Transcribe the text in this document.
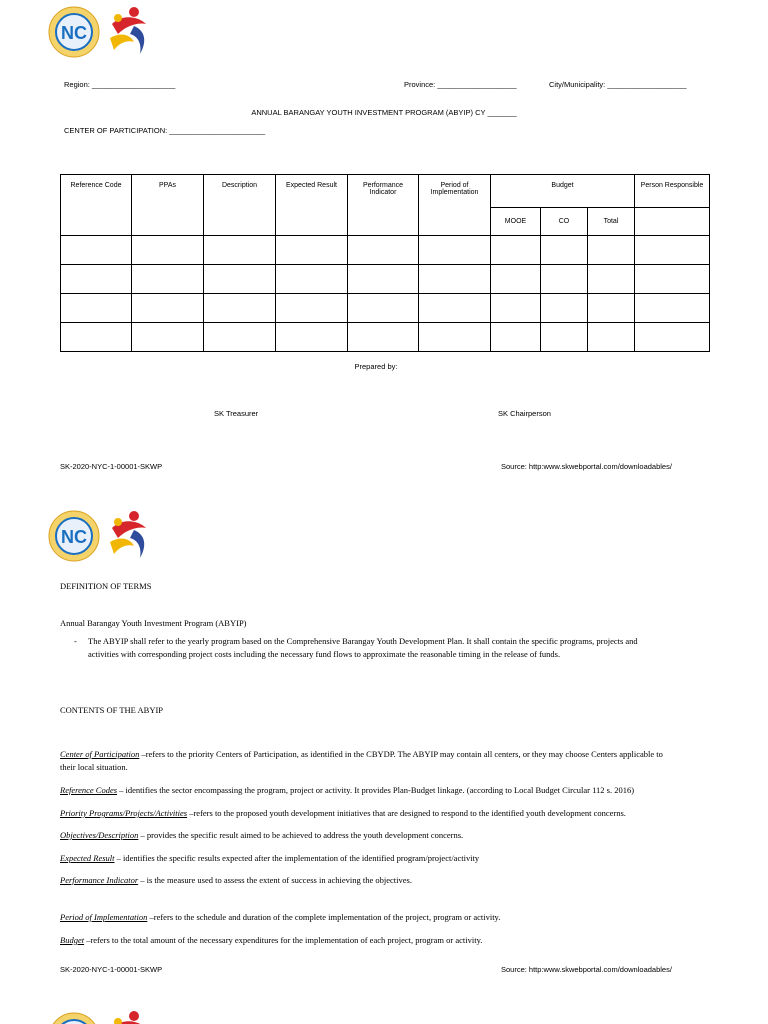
NC
Region: ____________________	Province: ___________________	City/Municipality: ___________________
ANNUAL BARANGAY YOUTH INVESTMENT PROGRAM (ABYIP) CY _______
CENTER OF PARTICIPATION: _______________________
Reference Code	PPAs	Description	Expected Result	Performance Indicator	Period of Implementation	Budget			Person Responsible
						MOOE	CO	Total	

Prepared by:
SK Treasurer	SK Chairperson
SK-2020-NYC-1-00001-SKWP	Source: http:www.skwebportal.com/downloadables/
NC
DEFINITION OF TERMS
Annual Barangay Youth Investment Program (ABYIP)
- The ABYIP shall refer to the yearly program based on the Comprehensive Barangay Youth Development Plan. It shall contain the specific programs, projects and
activities with corresponding project costs including the necessary fund flows to approximate the reasonable timing in the release of funds.
CONTENTS OF THE ABYIP
Center of Participation –refers to the priority Centers of Participation, as identified in the CBYDP. The ABYIP may contain all centers, or they may choose Centers applicable to
their local situation.
Reference Codes – identifies the sector encompassing the program, project or activity. It provides Plan-Budget linkage. (according to Local Budget Circular 112 s. 2016)
Priority Programs/Projects/Activities –refers to the proposed youth development initiatives that are designed to respond to the identified youth development concerns.
Objectives/Description – provides the specific result aimed to be achieved to address the youth development concerns.
Expected Result – identifies the specific results expected after the implementation of the identified program/project/activity
Performance Indicator – is the measure used to assess the extent of success in achieving the objectives.
Period of Implementation –refers to the schedule and duration of the complete implementation of the project, program or activity.
Budget –refers to the total amount of the necessary expenditures for the implementation of each project, program or activity.
SK-2020-NYC-1-00001-SKWP	Source: http:www.skwebportal.com/downloadables/
